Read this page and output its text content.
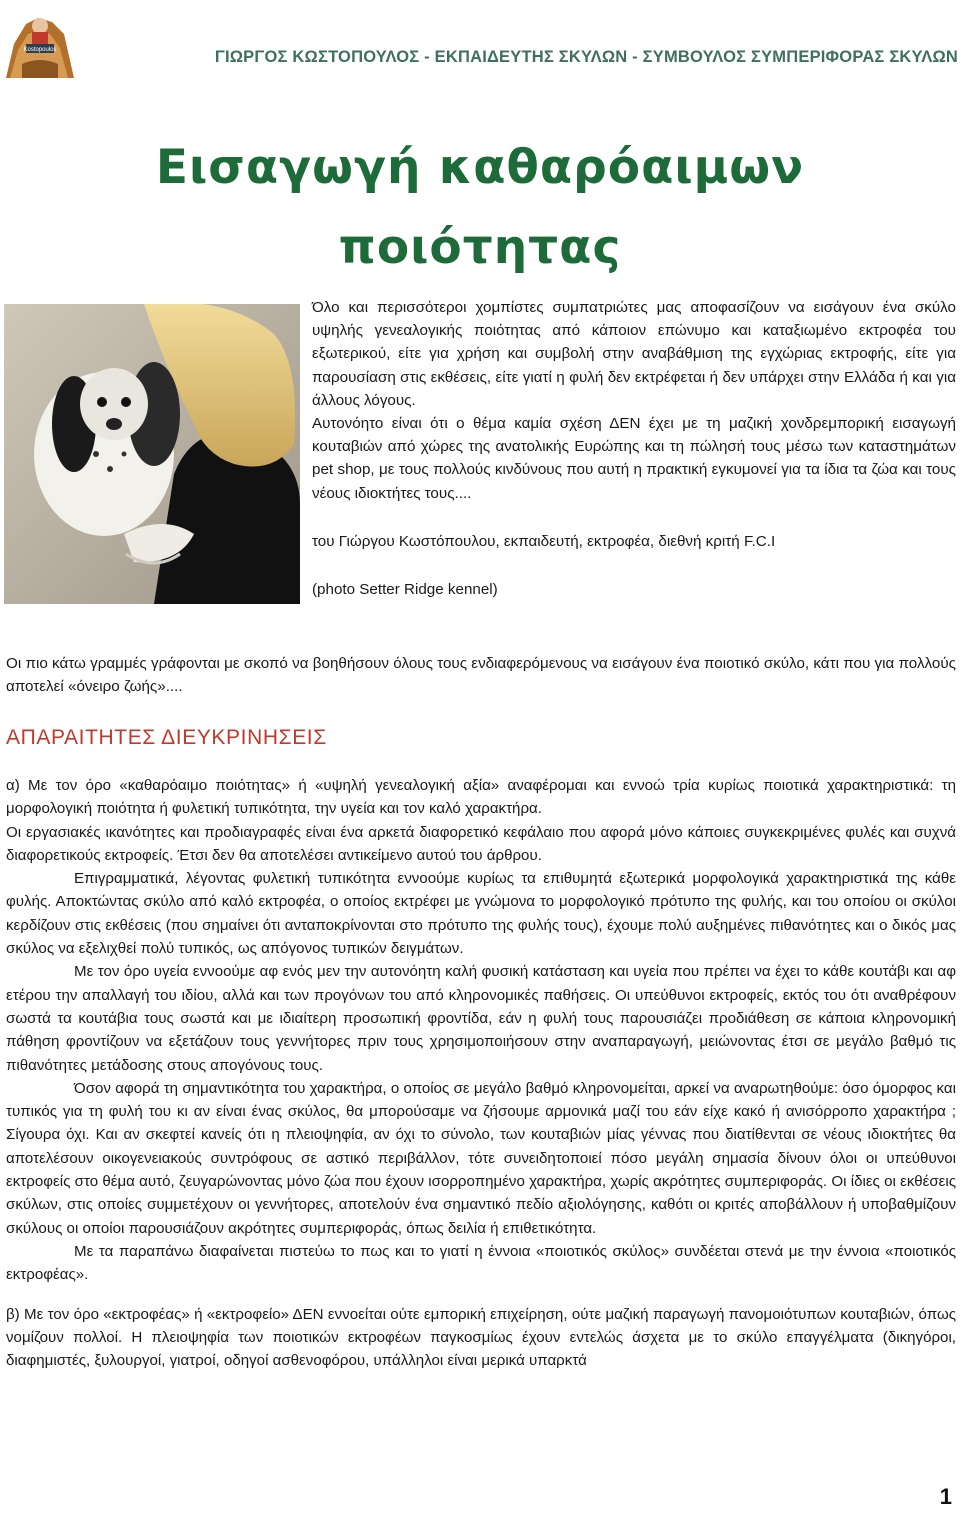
Kostopoulos	ΓΙΩΡΓΟΣ ΚΩΣΤΟΠΟΥΛΟΣ - ΕΚΠΑΙΔΕΥΤΗΣ ΣΚΥΛΩΝ - ΣΥΜΒΟΥΛΟΣ ΣΥΜΠΕΡΙΦΟΡΑΣ ΣΚΥΛΩΝ
Εισαγωγή καθαρόαιμων
ποιότητας

Όλο και περισσότεροι χομπίστες συμπατριώτες μας αποφασίζουν να εισάγουν ένα σκύλο υψηλής γενεαλογικής ποιότητας από κάποιον επώνυμο και καταξιωμένο εκτροφέα του εξωτερικού, είτε για χρήση και συμβολή στην αναβάθμιση της εγχώριας εκτροφής, είτε για παρουσίαση στις εκθέσεις, είτε γιατί η φυλή δεν εκτρέφεται ή δεν υπάρχει στην Ελλάδα ή και για άλλους λόγους.

Αυτονόητο είναι ότι ο θέμα καμία σχέση ΔΕΝ έχει με τη μαζική χονδρεμπορική εισαγωγή κουταβιών από χώρες της ανατολικής Ευρώπης και τη πώλησή τους μέσω των καταστημάτων pet shop, με τους πολλούς κινδύνους που αυτή η πρακτική εγκυμονεί για τα ίδια τα ζώα και τους νέους ιδιοκτήτες τους....

του Γιώργου Κωστόπουλου, εκπαιδευτή, εκτροφέα, διεθνή κριτή F.C.I
(photo Setter Ridge kennel)

Οι πιο κάτω γραμμές γράφονται με σκοπό να βοηθήσουν όλους τους ενδιαφερόμενους να εισάγουν ένα ποιοτικό σκύλο, κάτι που για πολλούς αποτελεί «όνειρο ζωής»....

ΑΠΑΡΑΙΤΗΤΕΣ ΔΙΕΥΚΡΙΝΗΣΕΙΣ

α) Με τον όρο «καθαρόαιμο ποιότητας» ή «υψηλή γενεαλογική αξία» αναφέρομαι και εννοώ τρία κυρίως ποιοτικά χαρακτηριστικά: τη μορφολογική ποιότητα ή φυλετική τυπικότητα, την υγεία και τον καλό χαρακτήρα.

Οι εργασιακές ικανότητες και προδιαγραφές είναι ένα αρκετά διαφορετικό κεφάλαιο που αφορά μόνο κάποιες συγκεκριμένες φυλές και συχνά διαφορετικούς εκτροφείς. Έτσι δεν θα αποτελέσει αντικείμενο αυτού του άρθρου.

Επιγραμματικά, λέγοντας φυλετική τυπικότητα εννοούμε κυρίως τα επιθυμητά εξωτερικά μορφολογικά χαρακτηριστικά της κάθε φυλής. Αποκτώντας σκύλο από καλό εκτροφέα, ο οποίος εκτρέφει με γνώμονα το μορφολογικό πρότυπο της φυλής, και του οποίου οι σκύλοι κερδίζουν στις εκθέσεις (που σημαίνει ότι ανταποκρίνονται στο πρότυπο της φυλής τους), έχουμε πολύ αυξημένες πιθανότητες και ο δικός μας σκύλος να εξελιχθεί πολύ τυπικός, ως απόγονος τυπικών δειγμάτων.

Με τον όρο υγεία εννοούμε αφ ενός μεν την αυτονόητη καλή φυσική κατάσταση και υγεία που πρέπει να έχει το κάθε κουτάβι και αφ ετέρου την απαλλαγή του ιδίου, αλλά και των προγόνων του από κληρονομικές παθήσεις. Οι υπεύθυνοι εκτροφείς, εκτός του ότι αναθρέφουν σωστά τα κουτάβια τους σωστά και με ιδιαίτερη προσωπική φροντίδα, εάν η φυλή τους παρουσιάζει προδιάθεση σε κάποια κληρονομική πάθηση φροντίζουν να εξετάζουν τους γεννήτορες πριν τους χρησιμοποιήσουν στην αναπαραγωγή, μειώνοντας έτσι σε μεγάλο βαθμό τις πιθανότητες μετάδοσης στους απογόνους τους.

Όσον αφορά τη σημαντικότητα του χαρακτήρα, ο οποίος σε μεγάλο βαθμό κληρονομείται, αρκεί να αναρωτηθούμε: όσο όμορφος και τυπικός για τη φυλή του κι αν είναι ένας σκύλος, θα μπορούσαμε να ζήσουμε αρμονικά μαζί του εάν είχε κακό ή ανισόρροπο χαρακτήρα ; Σίγουρα όχι. Και αν σκεφτεί κανείς ότι η πλειοψηφία, αν όχι το σύνολο, των κουταβιών μίας γέννας που διατίθενται σε νέους ιδιοκτήτες θα αποτελέσουν οικογενειακούς συντρόφους σε αστικό περιβάλλον, τότε συνειδητοποιεί πόσο μεγάλη σημασία δίνουν όλοι οι υπεύθυνοι εκτροφείς στο θέμα αυτό, ζευγαρώνοντας μόνο ζώα που έχουν ισορροπημένο χαρακτήρα, χωρίς ακρότητες συμπεριφοράς. Οι ίδιες οι εκθέσεις σκύλων, στις οποίες συμμετέχουν οι γεννήτορες, αποτελούν ένα σημαντικό πεδίο αξιολόγησης, καθότι οι κριτές αποβάλλουν ή υποβαθμίζουν σκύλους οι οποίοι παρουσιάζουν ακρότητες συμπεριφοράς, όπως δειλία ή επιθετικότητα.

Με τα παραπάνω διαφαίνεται πιστεύω το πως και το γιατί η έννοια «ποιοτικός σκύλος» συνδέεται στενά με την έννοια «ποιοτικός εκτροφέας».

β) Με τον όρο «εκτροφέας» ή «εκτροφείο» ΔΕΝ εννοείται ούτε εμπορική επιχείρηση, ούτε μαζική παραγωγή πανομοιότυπων κουταβιών, όπως νομίζουν πολλοί. Η πλειοψηφία των ποιοτικών εκτροφέων παγκοσμίως έχουν εντελώς άσχετα με το σκύλο επαγγέλματα (δικηγόροι, διαφημιστές, ξυλουργοί, γιατροί, οδηγοί ασθενοφόρου, υπάλληλοι είναι μερικά υπαρκτά

1
